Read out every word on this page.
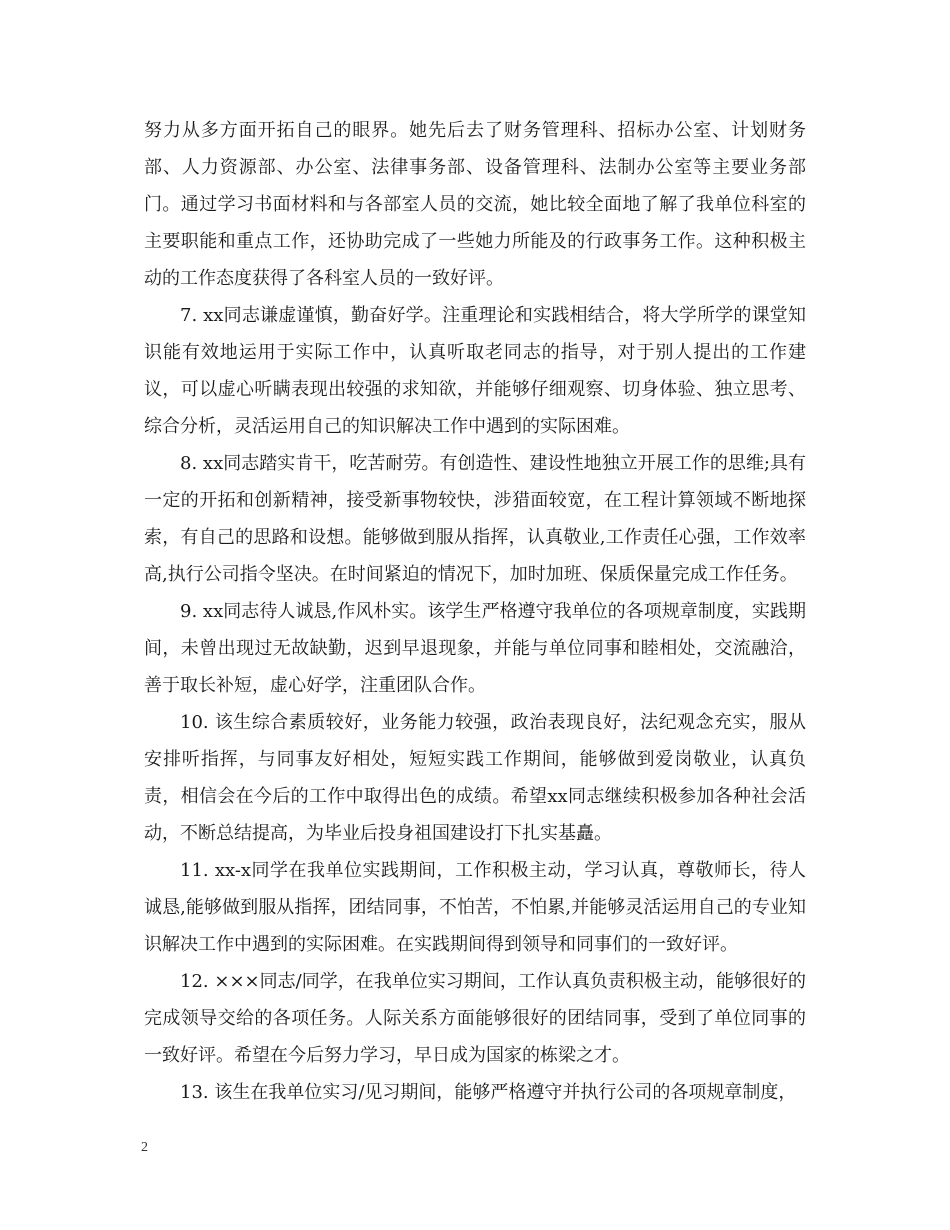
努力从多方面开拓自己的眼界。她先后去了财务管理科、招标办公室、计划财务部、人力资源部、办公室、法律事务部、设备管理科、法制办公室等主要业务部门。通过学习书面材料和与各部室人员的交流，她比较全面地了解了我单位科室的主要职能和重点工作，还协助完成了一些她力所能及的行政事务工作。这种积极主动的工作态度获得了各科室人员的一致好评。

7. xx同志谦虚谨慎，勤奋好学。注重理论和实践相结合，将大学所学的课堂知识能有效地运用于实际工作中，认真听取老同志的指导，对于别人提出的工作建议，可以虚心听瞒表现出较强的求知欲，并能够仔细观察、切身体验、独立思考、综合分析，灵活运用自己的知识解决工作中遇到的实际困难。

8. xx同志踏实肯干，吃苦耐劳。有创造性、建设性地独立开展工作的思维;具有一定的开拓和创新精神，接受新事物较快，涉猎面较宽，在工程计算领域不断地探索，有自己的思路和设想。能够做到服从指挥，认真敬业,工作责任心强，工作效率高,执行公司指令坚决。在时间紧迫的情况下，加时加班、保质保量完成工作任务。

9. xx同志待人诚恳,作风朴实。该学生严格遵守我单位的各项规章制度，实践期间，未曾出现过无故缺勤，迟到早退现象，并能与单位同事和睦相处，交流融洽，善于取长补短，虚心好学，注重团队合作。

10. 该生综合素质较好，业务能力较强，政治表现良好，法纪观念充实，服从安排听指挥，与同事友好相处，短短实践工作期间，能够做到爱岗敬业，认真负责，相信会在今后的工作中取得出色的成绩。希望xx同志继续积极参加各种社会活动，不断总结提高，为毕业后投身祖国建设打下扎实基矗。

11. xx-x同学在我单位实践期间，工作积极主动，学习认真，尊敬师长，待人诚恳,能够做到服从指挥，团结同事，不怕苦，不怕累,并能够灵活运用自己的专业知识解决工作中遇到的实际困难。在实践期间得到领导和同事们的一致好评。

12. ×××同志/同学，在我单位实习期间，工作认真负责积极主动，能够很好的完成领导交给的各项任务。人际关系方面能够很好的团结同事，受到了单位同事的一致好评。希望在今后努力学习，早日成为国家的栋梁之才。

13. 该生在我单位实习/见习期间，能够严格遵守并执行公司的各项规章制度，

2
